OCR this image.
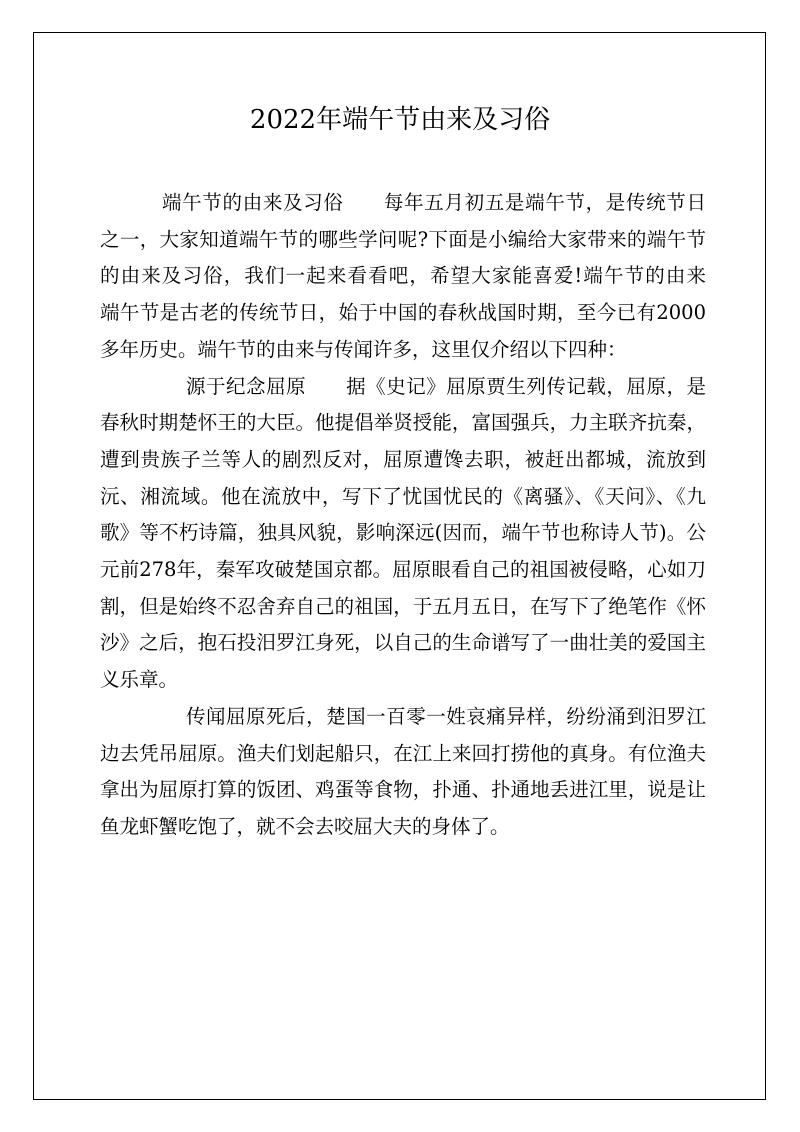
2022年端午节由来及习俗

端午节的由来及习俗　　每年五月初五是端午节，是传统节日之一，大家知道端午节的哪些学问呢?下面是小编给大家带来的端午节的由来及习俗，我们一起来看看吧，希望大家能喜爱!端午节的由来　　端午节是古老的传统节日，始于中国的春秋战国时期，至今已有2000多年历史。端午节的由来与传闻许多，这里仅介绍以下四种：

源于纪念屈原　　据《史记》屈原贾生列传记载，屈原，是春秋时期楚怀王的大臣。他提倡举贤授能，富国强兵，力主联齐抗秦，遭到贵族子兰等人的剧烈反对，屈原遭馋去职，被赶出都城，流放到沅、湘流域。他在流放中，写下了忧国忧民的《离骚》、《天问》、《九歌》等不朽诗篇，独具风貌，影响深远(因而，端午节也称诗人节)。公元前278年，秦军攻破楚国京都。屈原眼看自己的祖国被侵略，心如刀割，但是始终不忍舍弃自己的祖国，于五月五日，在写下了绝笔作《怀沙》之后，抱石投汨罗江身死，以自己的生命谱写了一曲壮美的爱国主义乐章。

传闻屈原死后，楚国一百零一姓哀痛异样，纷纷涌到汨罗江边去凭吊屈原。渔夫们划起船只，在江上来回打捞他的真身。有位渔夫拿出为屈原打算的饭团、鸡蛋等食物，扑通、扑通地丢进江里，说是让鱼龙虾蟹吃饱了，就不会去咬屈大夫的身体了。
